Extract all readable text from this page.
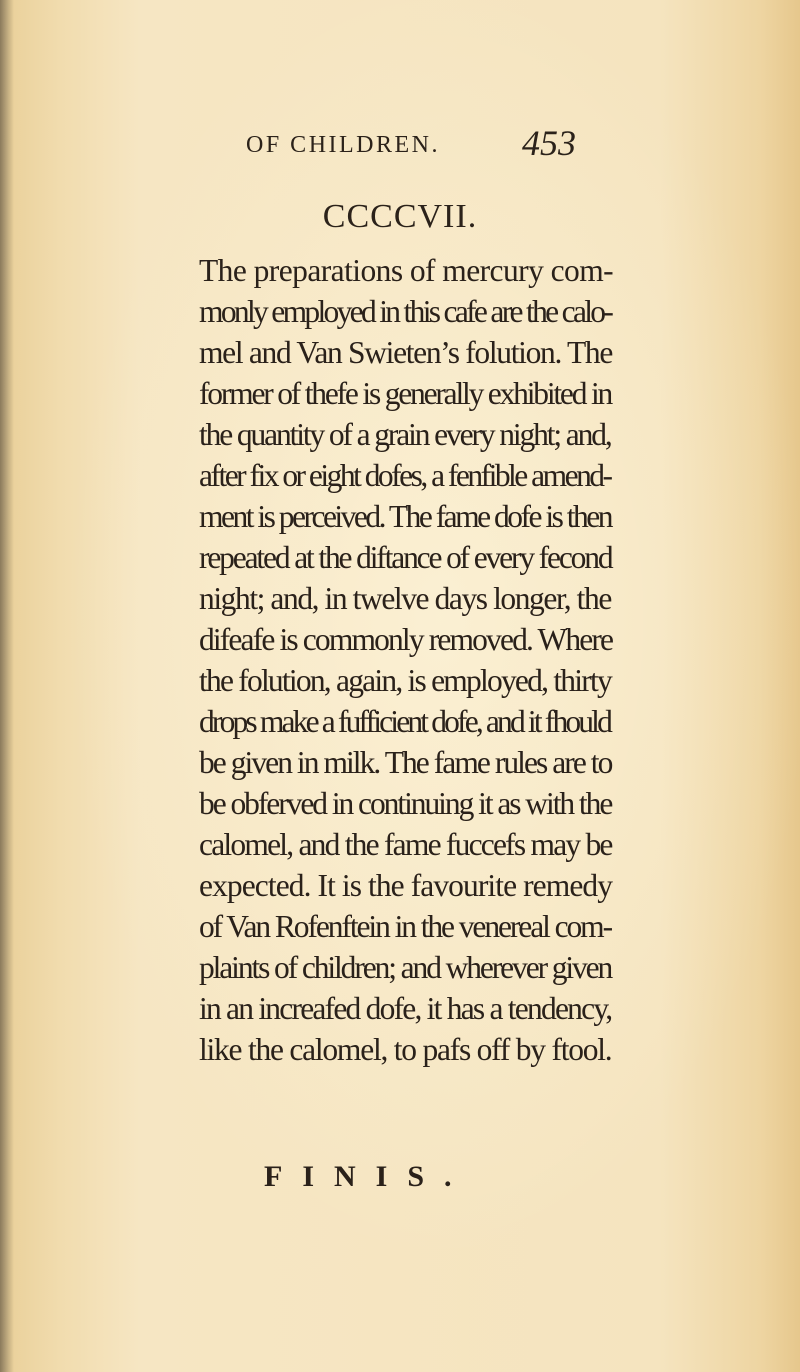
OF CHILDREN. 453
CCCCVII.
The preparations of mercury com-
monly employed in this cafe are the calo-
mel and Van Swieten’s folution. The
former of thefe is generally exhibited in
the quantity of a grain every night; and,
after fix or eight dofes, a fenfible amend-
ment is perceived. The fame dofe is then
repeated at the diftance of every fecond
night; and, in twelve days longer, the
difeafe is commonly removed. Where
the folution, again, is employed, thirty
drops make a fufficient dofe, and it fhould
be given in milk. The fame rules are to
be obferved in continuing it as with the
calomel, and the fame fuccefs may be
expected. It is the favourite remedy
of Van Rofenftein in the venereal com-
plaints of children; and wherever given
in an increafed dofe, it has a tendency,
like the calomel, to pafs off by ftool.
FINIS.
